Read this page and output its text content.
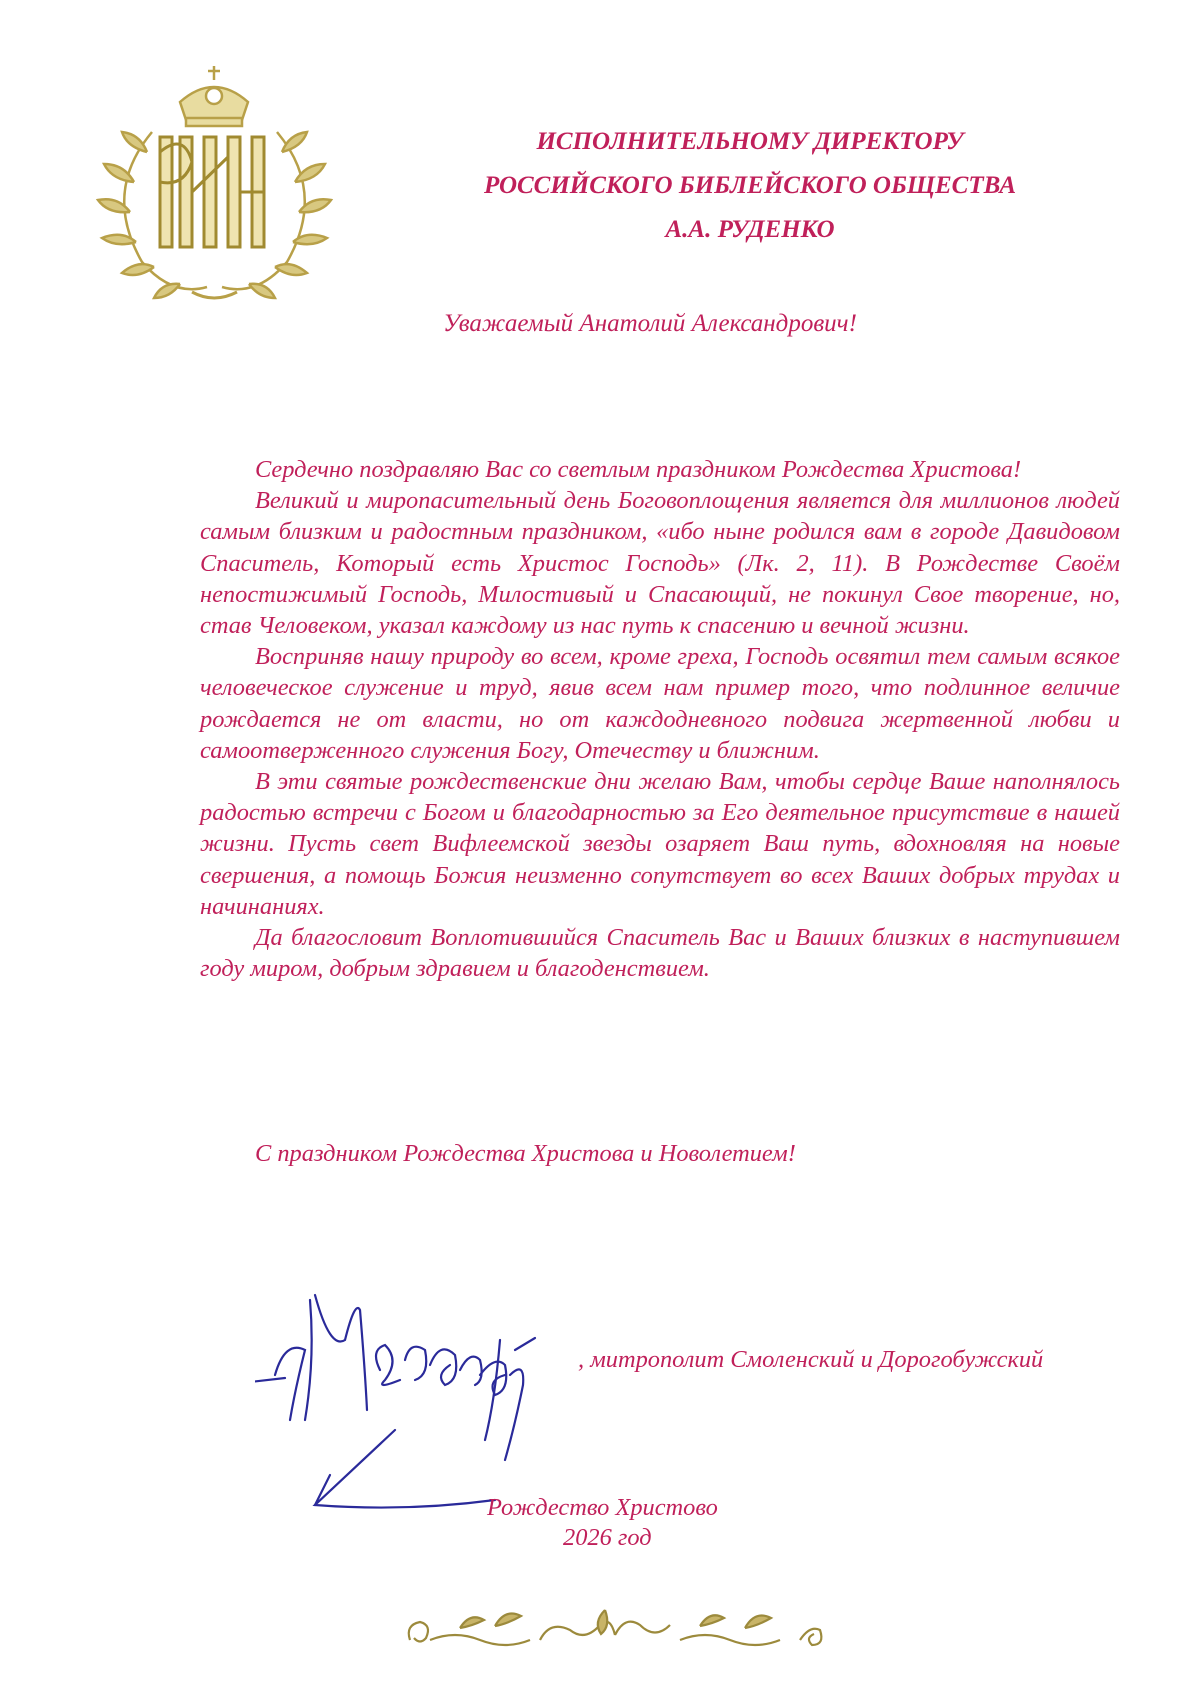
ИСПОЛНИТЕЛЬНОМУ ДИРЕКТОРУ
РОССИЙСКОГО БИБЛЕЙСКОГО ОБЩЕСТВА
А.А. РУДЕНКО
Уважаемый Анатолий Александрович!

Сердечно поздравляю Вас со светлым праздником Рождества Христова!

Великий и миропасительный день Боговоплощения является для миллионов людей самым близким и радостным праздником, «ибо ныне родился вам в городе Давидовом Спаситель, Который есть Христос Господь» (Лк. 2, 11). В Рождестве Своём непостижимый Господь, Милостивый и Спасающий, не покинул Свое творение, но, став Человеком, указал каждому из нас путь к спасению и вечной жизни.

Восприняв нашу природу во всем, кроме греха, Господь освятил тем самым всякое человеческое служение и труд, явив всем нам пример того, что подлинное величие рождается не от власти, но от каждодневного подвига жертвенной любви и самоотверженного служения Богу, Отечеству и ближним.

В эти святые рождественские дни желаю Вам, чтобы сердце Ваше наполнялось радостью встречи с Богом и благодарностью за Его деятельное присутствие в нашей жизни. Пусть свет Вифлеемской звезды озаряет Ваш путь, вдохновляя на новые свершения, а помощь Божия неизменно сопутствует во всех Ваших добрых трудах и начинаниях.

Да благословит Воплотившийся Спаситель Вас и Ваших близких в наступившем году миром, добрым здравием и благоденствием.

С праздником Рождества Христова и Новолетием!
, митрополит Смоленский и Дорогобужский
Рождество Христово
2026 год
